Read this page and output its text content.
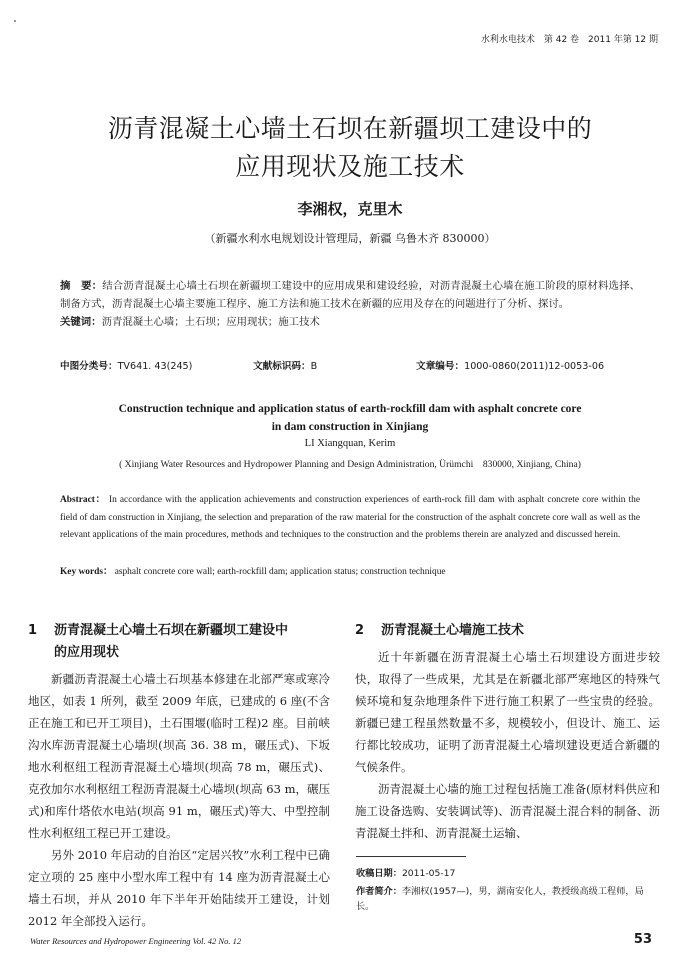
水利水电技术　第 42 卷　2011 年第 12 期
沥青混凝土心墙土石坝在新疆坝工建设中的
应用现状及施工技术
李湘权，克里木
（新疆水利水电规划设计管理局，新疆 乌鲁木齐 830000）
摘　要：结合沥青混凝土心墙土石坝在新疆坝工建设中的应用成果和建设经验，对沥青混凝土心墙在施工阶段的原材料选择、制备方式，沥青混凝土心墙主要施工程序、施工方法和施工技术在新疆的应用及存在的问题进行了分析、探讨。
关键词：沥青混凝土心墙；土石坝；应用现状；施工技术
中图分类号：TV641. 43(245)	文献标识码：B	文章编号：1000-0860(2011)12-0053-06
Construction technique and application status of earth-rockfill dam with asphalt concrete core
in dam construction in Xinjiang
LI Xiangquan, Kerim
( Xinjiang Water Resources and Hydropower Planning and Design Administration, Ürümchi　830000, Xinjiang, China)
Abstract： In accordance with the application achievements and construction experiences of earth-rock fill dam with asphalt concrete core within the field of dam construction in Xinjiang, the selection and preparation of the raw material for the construction of the asphalt concrete core wall as well as the relevant applications of the main procedures, methods and techniques to the construction and the problems therein are analyzed and discussed herein.
Key words： asphalt concrete core wall; earth-rockfill dam; application status; construction technique
1 沥青混凝土心墙土石坝在新疆坝工建设中
的应用现状

新疆沥青混凝土心墙土石坝基本修建在北部严寒或寒冷地区，如表 1 所列，截至 2009 年底，已建成的 6 座(不含正在施工和已开工项目)，土石围堰(临时工程)2 座。目前峡沟水库沥青混凝土心墙坝(坝高 36. 38 m，碾压式)、下坂地水利枢纽工程沥青混凝土心墙坝(坝高 78 m，碾压式)、克孜加尔水利枢纽工程沥青混凝土心墙坝(坝高 63 m，碾压式)和库什塔依水电站(坝高 91 m，碾压式)等大、中型控制性水利枢纽工程已开工建设。

另外 2010 年启动的自治区“定居兴牧”水利工程中已确定立项的 25 座中小型水库工程中有 14 座为沥青混凝土心墙土石坝，并从 2010 年下半年开始陆续开工建设，计划 2012 年全部投入运行。

2 沥青混凝土心墙施工技术

近十年新疆在沥青混凝土心墙土石坝建设方面进步较快，取得了一些成果，尤其是在新疆北部严寒地区的特殊气候环境和复杂地理条件下进行施工积累了一些宝贵的经验。新疆已建工程虽然数量不多，规模较小，但设计、施工、运行都比较成功，证明了沥青混凝土心墙坝建设更适合新疆的气候条件。

沥青混凝土心墙的施工过程包括施工准备(原材料供应和施工设备选购、安装调试等)、沥青混凝土混合料的制备、沥青混凝土拌和、沥青混凝土运输、

收稿日期：2011-05-17
作者简介：李湘权(1957—)，男，湖南安化人，教授级高级工程师，局长。
Water Resources and Hydropower Engineering Vol. 42 No. 12	53
